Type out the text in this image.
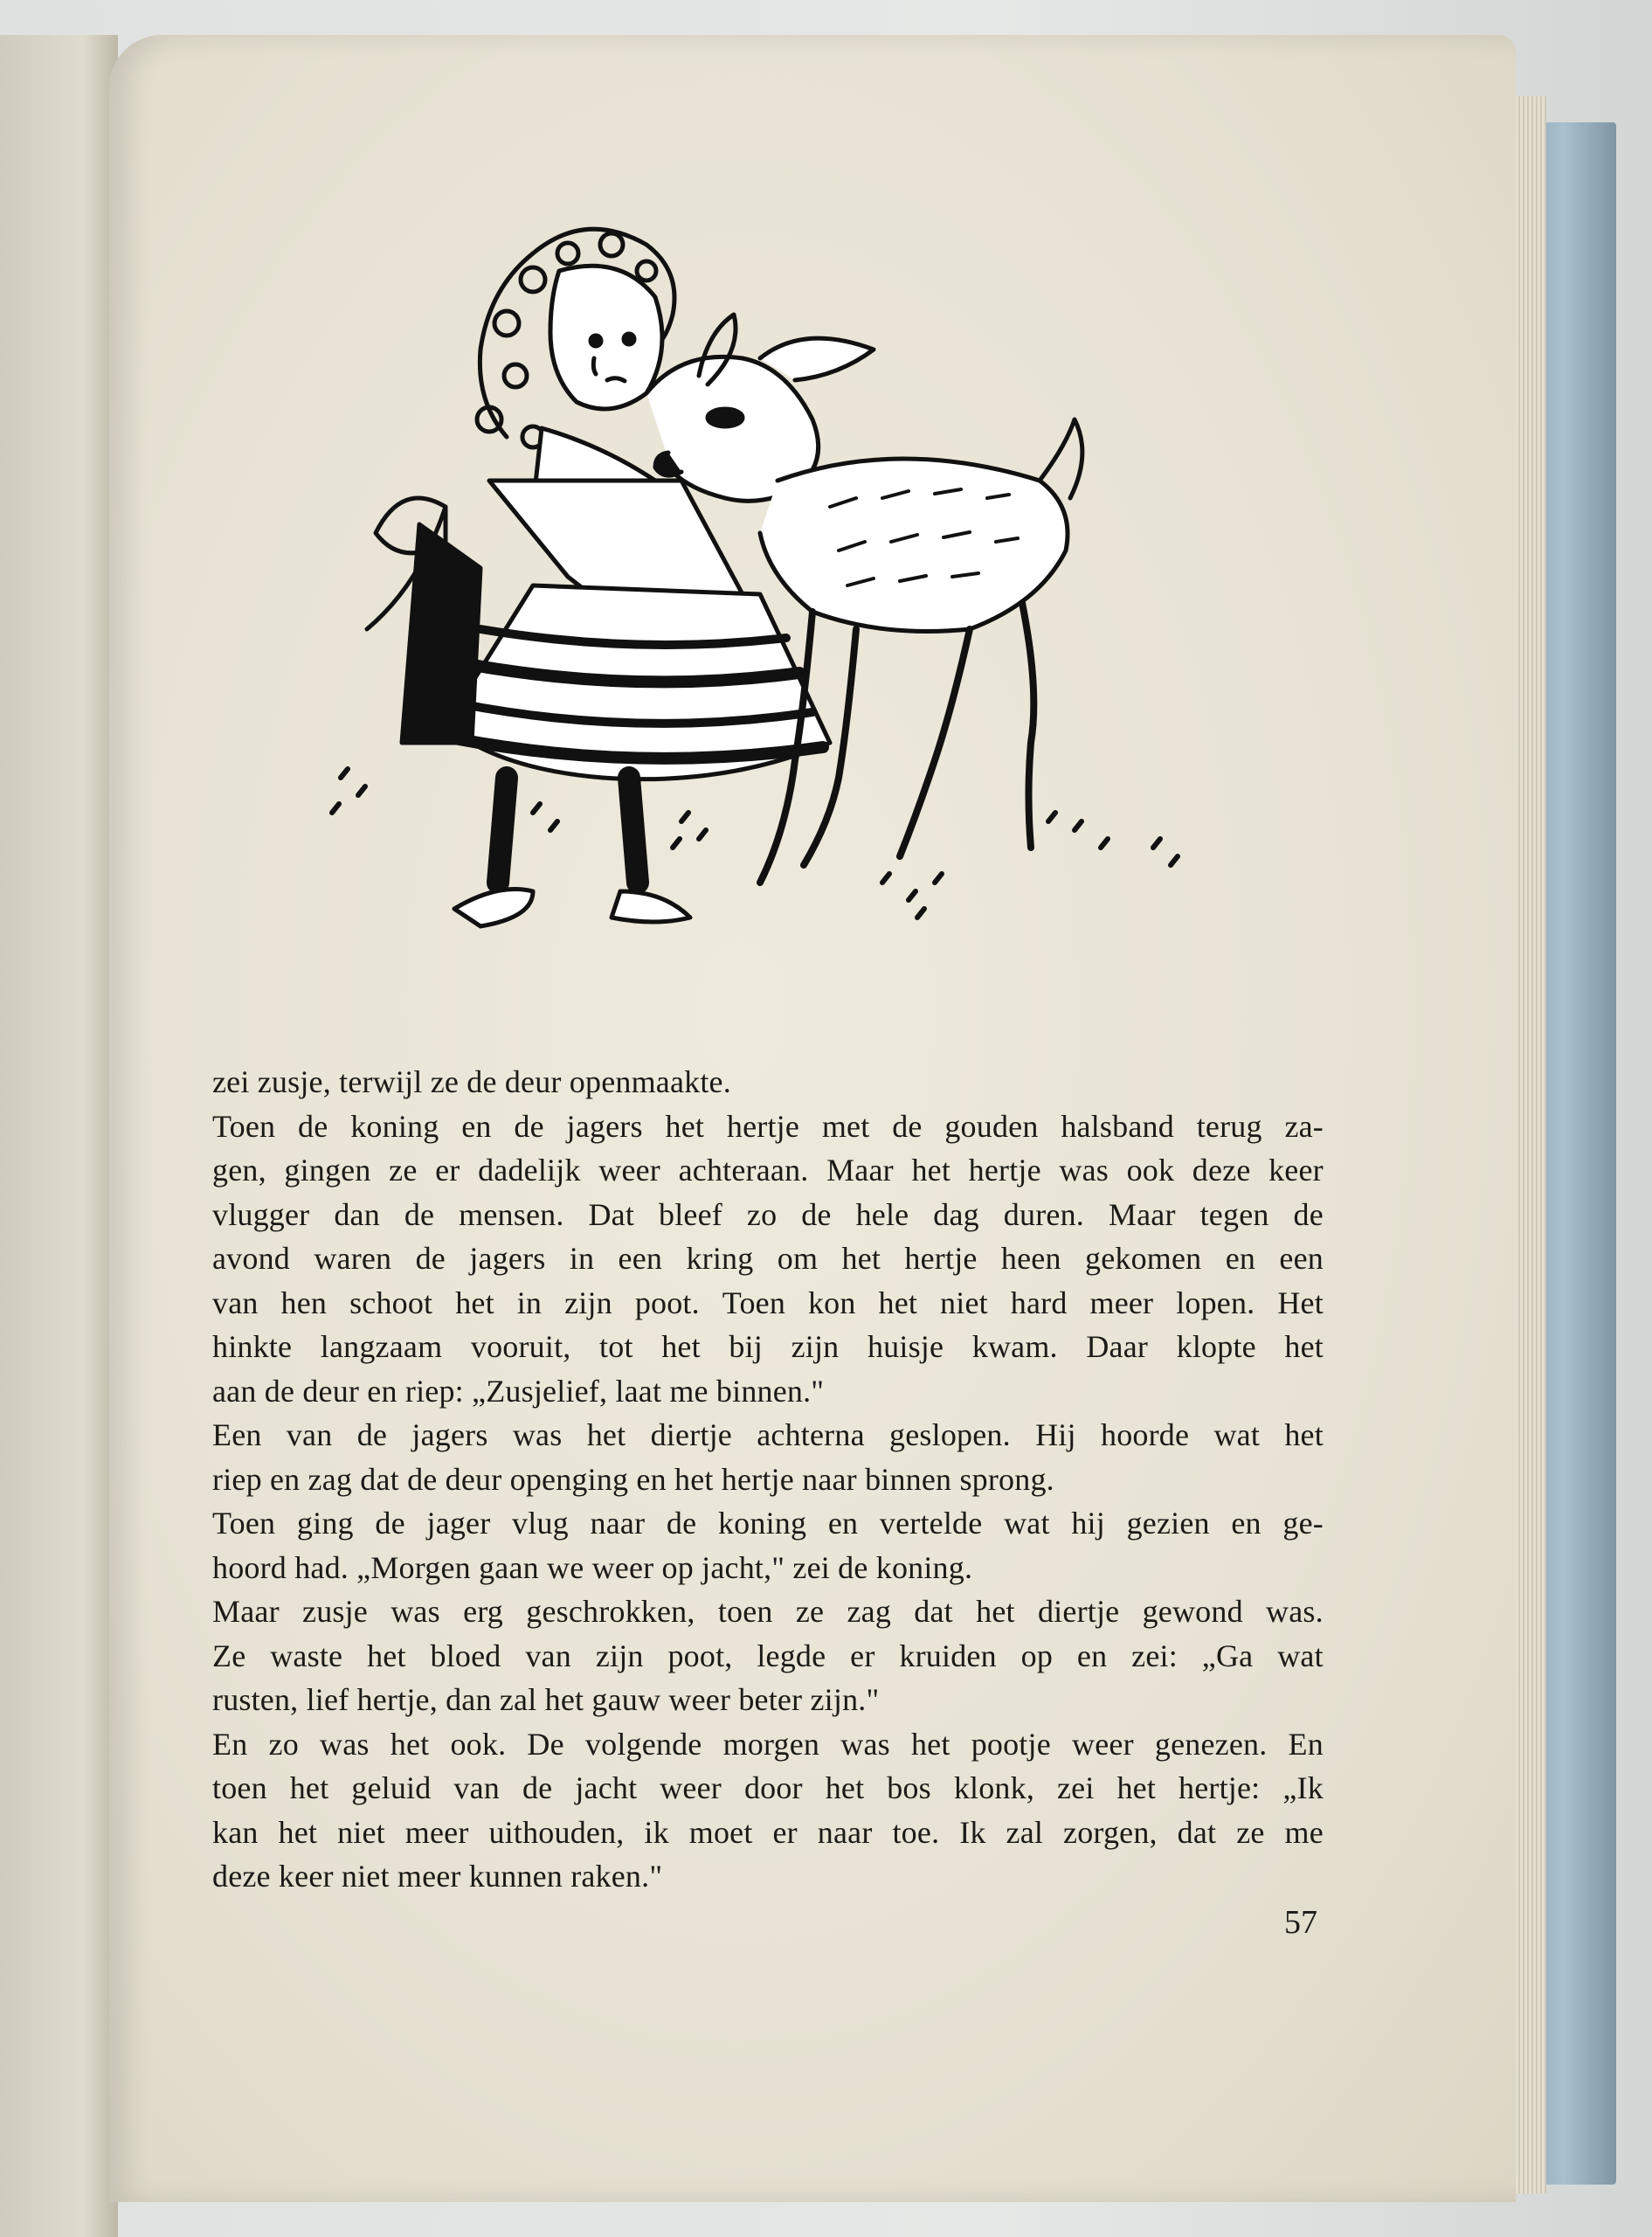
zei zusje, terwijl ze de deur openmaakte.
Toen de koning en de jagers het hertje met de gouden halsband terug za-
gen, gingen ze er dadelijk weer achteraan. Maar het hertje was ook deze keer
vlugger dan de mensen. Dat bleef zo de hele dag duren. Maar tegen de
avond waren de jagers in een kring om het hertje heen gekomen en een
van hen schoot het in zijn poot. Toen kon het niet hard meer lopen. Het
hinkte langzaam vooruit, tot het bij zijn huisje kwam. Daar klopte het
aan de deur en riep: „Zusjelief, laat me binnen."
Een van de jagers was het diertje achterna geslopen. Hij hoorde wat het
riep en zag dat de deur openging en het hertje naar binnen sprong.
Toen ging de jager vlug naar de koning en vertelde wat hij gezien en ge-
hoord had. „Morgen gaan we weer op jacht," zei de koning.
Maar zusje was erg geschrokken, toen ze zag dat het diertje gewond was.
Ze waste het bloed van zijn poot, legde er kruiden op en zei: „Ga wat
rusten, lief hertje, dan zal het gauw weer beter zijn."
En zo was het ook. De volgende morgen was het pootje weer genezen. En
toen het geluid van de jacht weer door het bos klonk, zei het hertje: „Ik
kan het niet meer uithouden, ik moet er naar toe. Ik zal zorgen, dat ze me
deze keer niet meer kunnen raken."
57
